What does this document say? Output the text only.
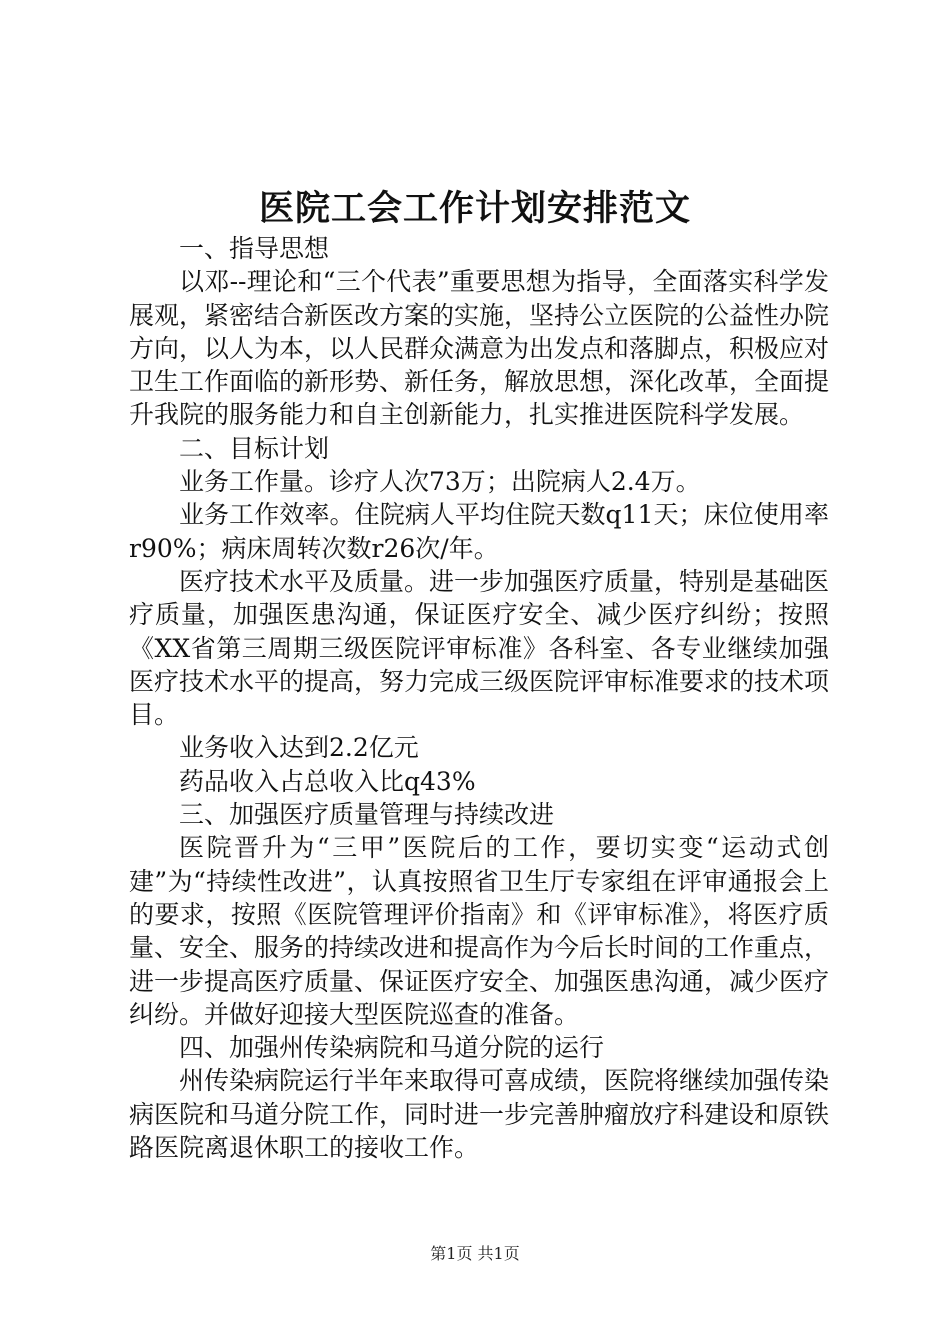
医院工会工作计划安排范文

一、指导思想

以邓--理论和“三个代表”重要思想为指导，全面落实科学发展观，紧密结合新医改方案的实施，坚持公立医院的公益性办院方向，以人为本，以人民群众满意为出发点和落脚点，积极应对卫生工作面临的新形势、新任务，解放思想，深化改革，全面提升我院的服务能力和自主创新能力，扎实推进医院科学发展。

二、目标计划

业务工作量。诊疗人次73万；出院病人2.4万。

业务工作效率。住院病人平均住院天数q11天；床位使用率r90%；病床周转次数r26次/年。

医疗技术水平及质量。进一步加强医疗质量，特别是基础医疗质量，加强医患沟通，保证医疗安全、减少医疗纠纷；按照《XX省第三周期三级医院评审标准》各科室、各专业继续加强医疗技术水平的提高，努力完成三级医院评审标准要求的技术项目。

业务收入达到2.2亿元

药品收入占总收入比q43%

三、加强医疗质量管理与持续改进

医院晋升为“三甲”医院后的工作，要切实变“运动式创建”为“持续性改进”，认真按照省卫生厅专家组在评审通报会上的要求，按照《医院管理评价指南》和《评审标准》，将医疗质量、安全、服务的持续改进和提高作为今后长时间的工作重点，进一步提高医疗质量、保证医疗安全、加强医患沟通，减少医疗纠纷。并做好迎接大型医院巡查的准备。

四、加强州传染病院和马道分院的运行

州传染病院运行半年来取得可喜成绩，医院将继续加强传染病医院和马道分院工作，同时进一步完善肿瘤放疗科建设和原铁路医院离退休职工的接收工作。

第1页 共1页
